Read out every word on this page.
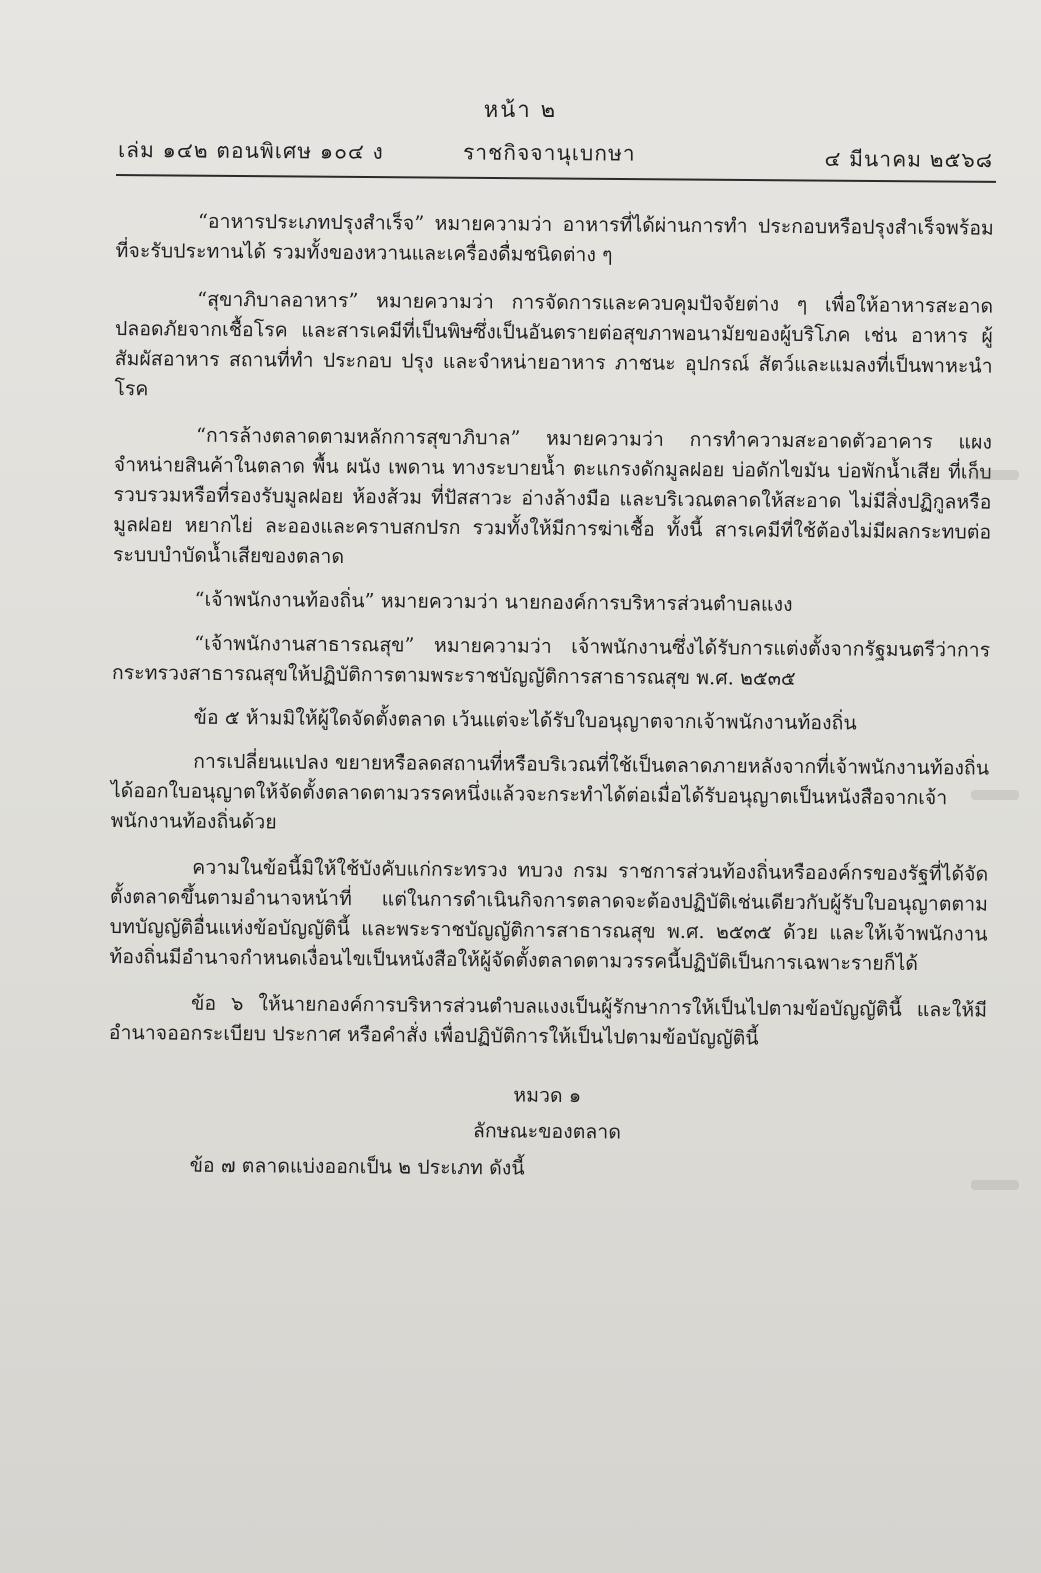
หน้า ๒
เล่ม ๑๔๒ ตอนพิเศษ ๑๐๔ ง	ราชกิจจานุเบกษา	๔ มีนาคม ๒๕๖๘

“อาหารประเภทปรุงสำเร็จ” หมายความว่า อาหารที่ได้ผ่านการทำ ประกอบหรือปรุงสำเร็จพร้อมที่จะรับประทานได้ รวมทั้งของหวานและเครื่องดื่มชนิดต่าง ๆ

“สุขาภิบาลอาหาร” หมายความว่า การจัดการและควบคุมปัจจัยต่าง ๆ เพื่อให้อาหารสะอาดปลอดภัยจากเชื้อโรค และสารเคมีที่เป็นพิษซึ่งเป็นอันตรายต่อสุขภาพอนามัยของผู้บริโภค เช่น อาหาร ผู้สัมผัสอาหาร สถานที่ทำ ประกอบ ปรุง และจำหน่ายอาหาร ภาชนะ อุปกรณ์ สัตว์และแมลงที่เป็นพาหะนำโรค

“การล้างตลาดตามหลักการสุขาภิบาล” หมายความว่า การทำความสะอาดตัวอาคาร แผงจำหน่ายสินค้าในตลาด พื้น ผนัง เพดาน ทางระบายน้ำ ตะแกรงดักมูลฝอย บ่อดักไขมัน บ่อพักน้ำเสีย ที่เก็บรวบรวมหรือที่รองรับมูลฝอย ห้องส้วม ที่ปัสสาวะ อ่างล้างมือ และบริเวณตลาดให้สะอาด ไม่มีสิ่งปฏิกูลหรือมูลฝอย หยากไย่ ละอองและคราบสกปรก รวมทั้งให้มีการฆ่าเชื้อ ทั้งนี้ สารเคมีที่ใช้ต้องไม่มีผลกระทบต่อระบบบำบัดน้ำเสียของตลาด

“เจ้าพนักงานท้องถิ่น” หมายความว่า นายกองค์การบริหารส่วนตำบลแงง

“เจ้าพนักงานสาธารณสุข” หมายความว่า เจ้าพนักงานซึ่งได้รับการแต่งตั้งจากรัฐมนตรีว่าการกระทรวงสาธารณสุขให้ปฏิบัติการตามพระราชบัญญัติการสาธารณสุข พ.ศ. ๒๕๓๕

ข้อ ๕ ห้ามมิให้ผู้ใดจัดตั้งตลาด เว้นแต่จะได้รับใบอนุญาตจากเจ้าพนักงานท้องถิ่น

การเปลี่ยนแปลง ขยายหรือลดสถานที่หรือบริเวณที่ใช้เป็นตลาดภายหลังจากที่เจ้าพนักงานท้องถิ่นได้ออกใบอนุญาตให้จัดตั้งตลาดตามวรรคหนึ่งแล้วจะกระทำได้ต่อเมื่อได้รับอนุญาตเป็นหนังสือจากเจ้าพนักงานท้องถิ่นด้วย

ความในข้อนี้มิให้ใช้บังคับแก่กระทรวง ทบวง กรม ราชการส่วนท้องถิ่นหรือองค์กรของรัฐที่ได้จัดตั้งตลาดขึ้นตามอำนาจหน้าที่ แต่ในการดำเนินกิจการตลาดจะต้องปฏิบัติเช่นเดียวกับผู้รับใบอนุญาตตามบทบัญญัติอื่นแห่งข้อบัญญัตินี้ และพระราชบัญญัติการสาธารณสุข พ.ศ. ๒๕๓๕ ด้วย และให้เจ้าพนักงานท้องถิ่นมีอำนาจกำหนดเงื่อนไขเป็นหนังสือให้ผู้จัดตั้งตลาดตามวรรคนี้ปฏิบัติเป็นการเฉพาะรายก็ได้

ข้อ ๖ ให้นายกองค์การบริหารส่วนตำบลแงงเป็นผู้รักษาการให้เป็นไปตามข้อบัญญัตินี้ และให้มีอำนาจออกระเบียบ ประกาศ หรือคำสั่ง เพื่อปฏิบัติการให้เป็นไปตามข้อบัญญัตินี้

หมวด ๑

ลักษณะของตลาด

ข้อ ๗ ตลาดแบ่งออกเป็น ๒ ประเภท ดังนี้
